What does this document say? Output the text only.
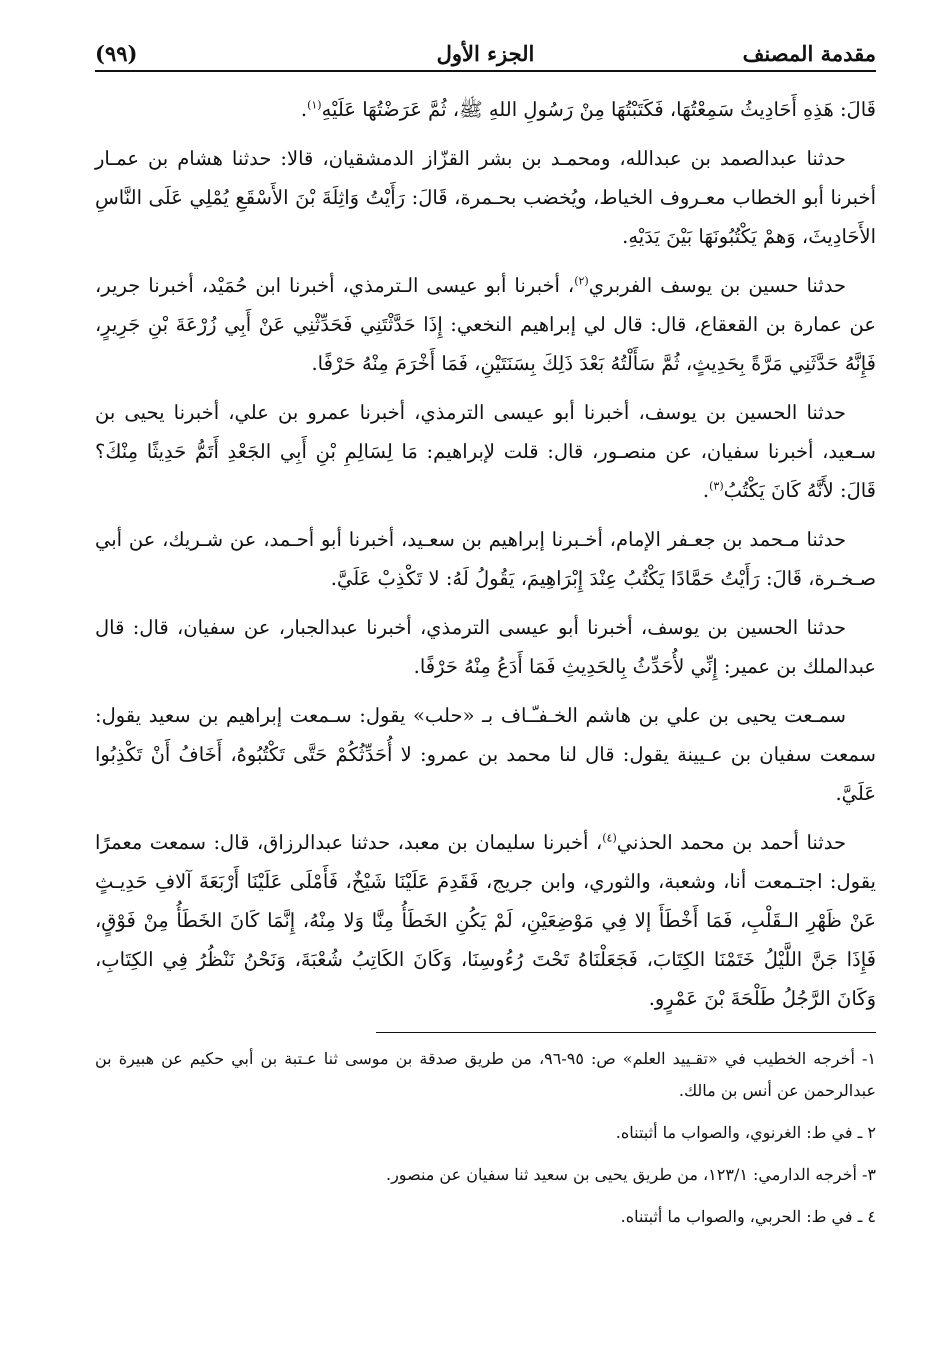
مقدمة المصنف
الجزء الأول
(٩٩)

قَالَ: هَذِهِ أَحَادِيثُ سَمِعْتُهَا، فَكَتَبْتُهَا مِنْ رَسُولِ اللهِ ﷺ، ثُمَّ عَرَضْتُهَا عَلَيْهِ$^{(١)}$.

حدثنا عبدالصمد بن عبدالله، ومحمـد بن بشر القزّاز الدمشقيان، قالا: حدثنا هشام بن عمـار أخبرنا أبو الخطاب معـروف الخياط، ويُخضب بحـمرة، قَالَ: رَأَيْتُ وَاثِلَةَ بْنَ الأَسْقَعِ يُمْلِي عَلَى النَّاسِ الأَحَادِيثَ، وَهمْ يَكْتُبُونَهَا بَيْنَ يَدَيْهِ.

حدثنا حسين بن يوسف الفربري$^{(٢)}$، أخبرنا أبو عيسى الـترمذي، أخبرنا ابن حُمَيْد، أخبرنا جرير، عن عمارة بن القعقاع، قال: قال لي إبراهيم النخعي: إِذَا حَدَّثْتَنِي فَحَدِّثْنِي عَنْ أَبِي زُرْعَةَ بْنِ جَرِيرٍ، فَإِنَّهُ حَدَّثَنِي مَرَّةً بِحَدِيثٍ، ثُمَّ سَأَلْتُهُ بَعْدَ ذَلِكَ بِسَنَتَيْنِ، فَمَا أَخْرَمَ مِنْهُ حَرْفًا.

حدثنا الحسين بن يوسف، أخبرنا أبو عيسى الترمذي، أخبرنا عمرو بن علي، أخبرنا يحيى بن سـعيد، أخبرنا سفيان، عن منصـور، قال: قلت لإبراهيم: مَا لِسَالِمِ بْنِ أَبِي الجَعْدِ أَتَمُّ حَدِيثًا مِنْكَ؟ قَالَ: لأَنَّهُ كَانَ يَكْتُبُ$^{(٣)}$.

حدثنا مـحمد بن جعـفر الإمام، أخـبرنا إبراهيم بن سعـيد، أخبرنا أبو أحـمد، عن شـريك، عن أبي صـخـرة، قَالَ: رَأَيْتُ حَمَّادًا يَكْتُبُ عِنْدَ إِبْرَاهِيمَ، يَقُولُ لَهُ: لا تَكْذِبْ عَلَيَّ.

حدثنا الحسين بن يوسف، أخبرنا أبو عيسى الترمذي، أخبرنا عبدالجبار، عن سفيان، قال: قال عبدالملك بن عمير: إِنِّي لأُحَدِّثُ بِالحَدِيثِ فَمَا أَدَعُ مِنْهُ حَرْفًا.

سمـعت يحيى بن علي بن هاشم الخـفـّـاف بـ «حلب» يقول: سـمعت إبراهيم بن سعيد يقول: سمعت سفيان بن عـيينة يقول: قال لنا محمد بن عمرو: لا أُحَدِّثُكُمْ حَتَّى تَكْتُبُوهُ، أَخَافُ أَنْ تَكْذِبُوا عَلَيَّ.

حدثنا أحمد بن محمد الحذني$^{(٤)}$، أخبرنا سليمان بن معبد، حدثنا عبدالرزاق، قال: سمعت معمرًا يقول: اجتـمعت أنا، وشعبة، والثوري، وابن جريج، فَقَدِمَ عَلَيْنَا شَيْخٌ، فَأَمْلَى عَلَيْنَا أَرْبَعَةَ آلافِ حَدِيـثٍ عَنْ ظَهْرِ الـقَلْبِ، فَمَا أَخْطَأَ إلا فِي مَوْضِعَيْنِ، لَمْ يَكُنِ الخَطَأُ مِنَّا وَلا مِنْهُ، إِنَّمَا كَانَ الخَطَأُ مِنْ فَوْقٍ، فَإِذَا جَنَّ اللَّيْلُ خَتَمْنَا الكِتَابَ، فَجَعَلْنَاهُ تَحْتَ رُءُوسِنَا، وَكَانَ الكَاتِبُ شُعْبَةَ، وَنَحْنُ نَنْظُرُ فِي الكِتَابِ، وَكَانَ الرَّجُلُ طَلْحَةَ بْنَ عَمْرٍو.

١- أخرجه الخطيب في «تقـييد العلم» ص: ٩٥-٩٦، من طريق صدقة بن موسى ثنا عـتبة بن أبي حكيم عن هبيرة بن عبدالرحمن عن أنس بن مالك.

٢ ـ في ط: الغرنوي، والصواب ما أثبتناه.

٣- أخرجه الدارمي: ١٢٣/١، من طريق يحيى بن سعيد ثنا سفيان عن منصور.

٤ ـ في ط: الحربي، والصواب ما أثبتناه.
